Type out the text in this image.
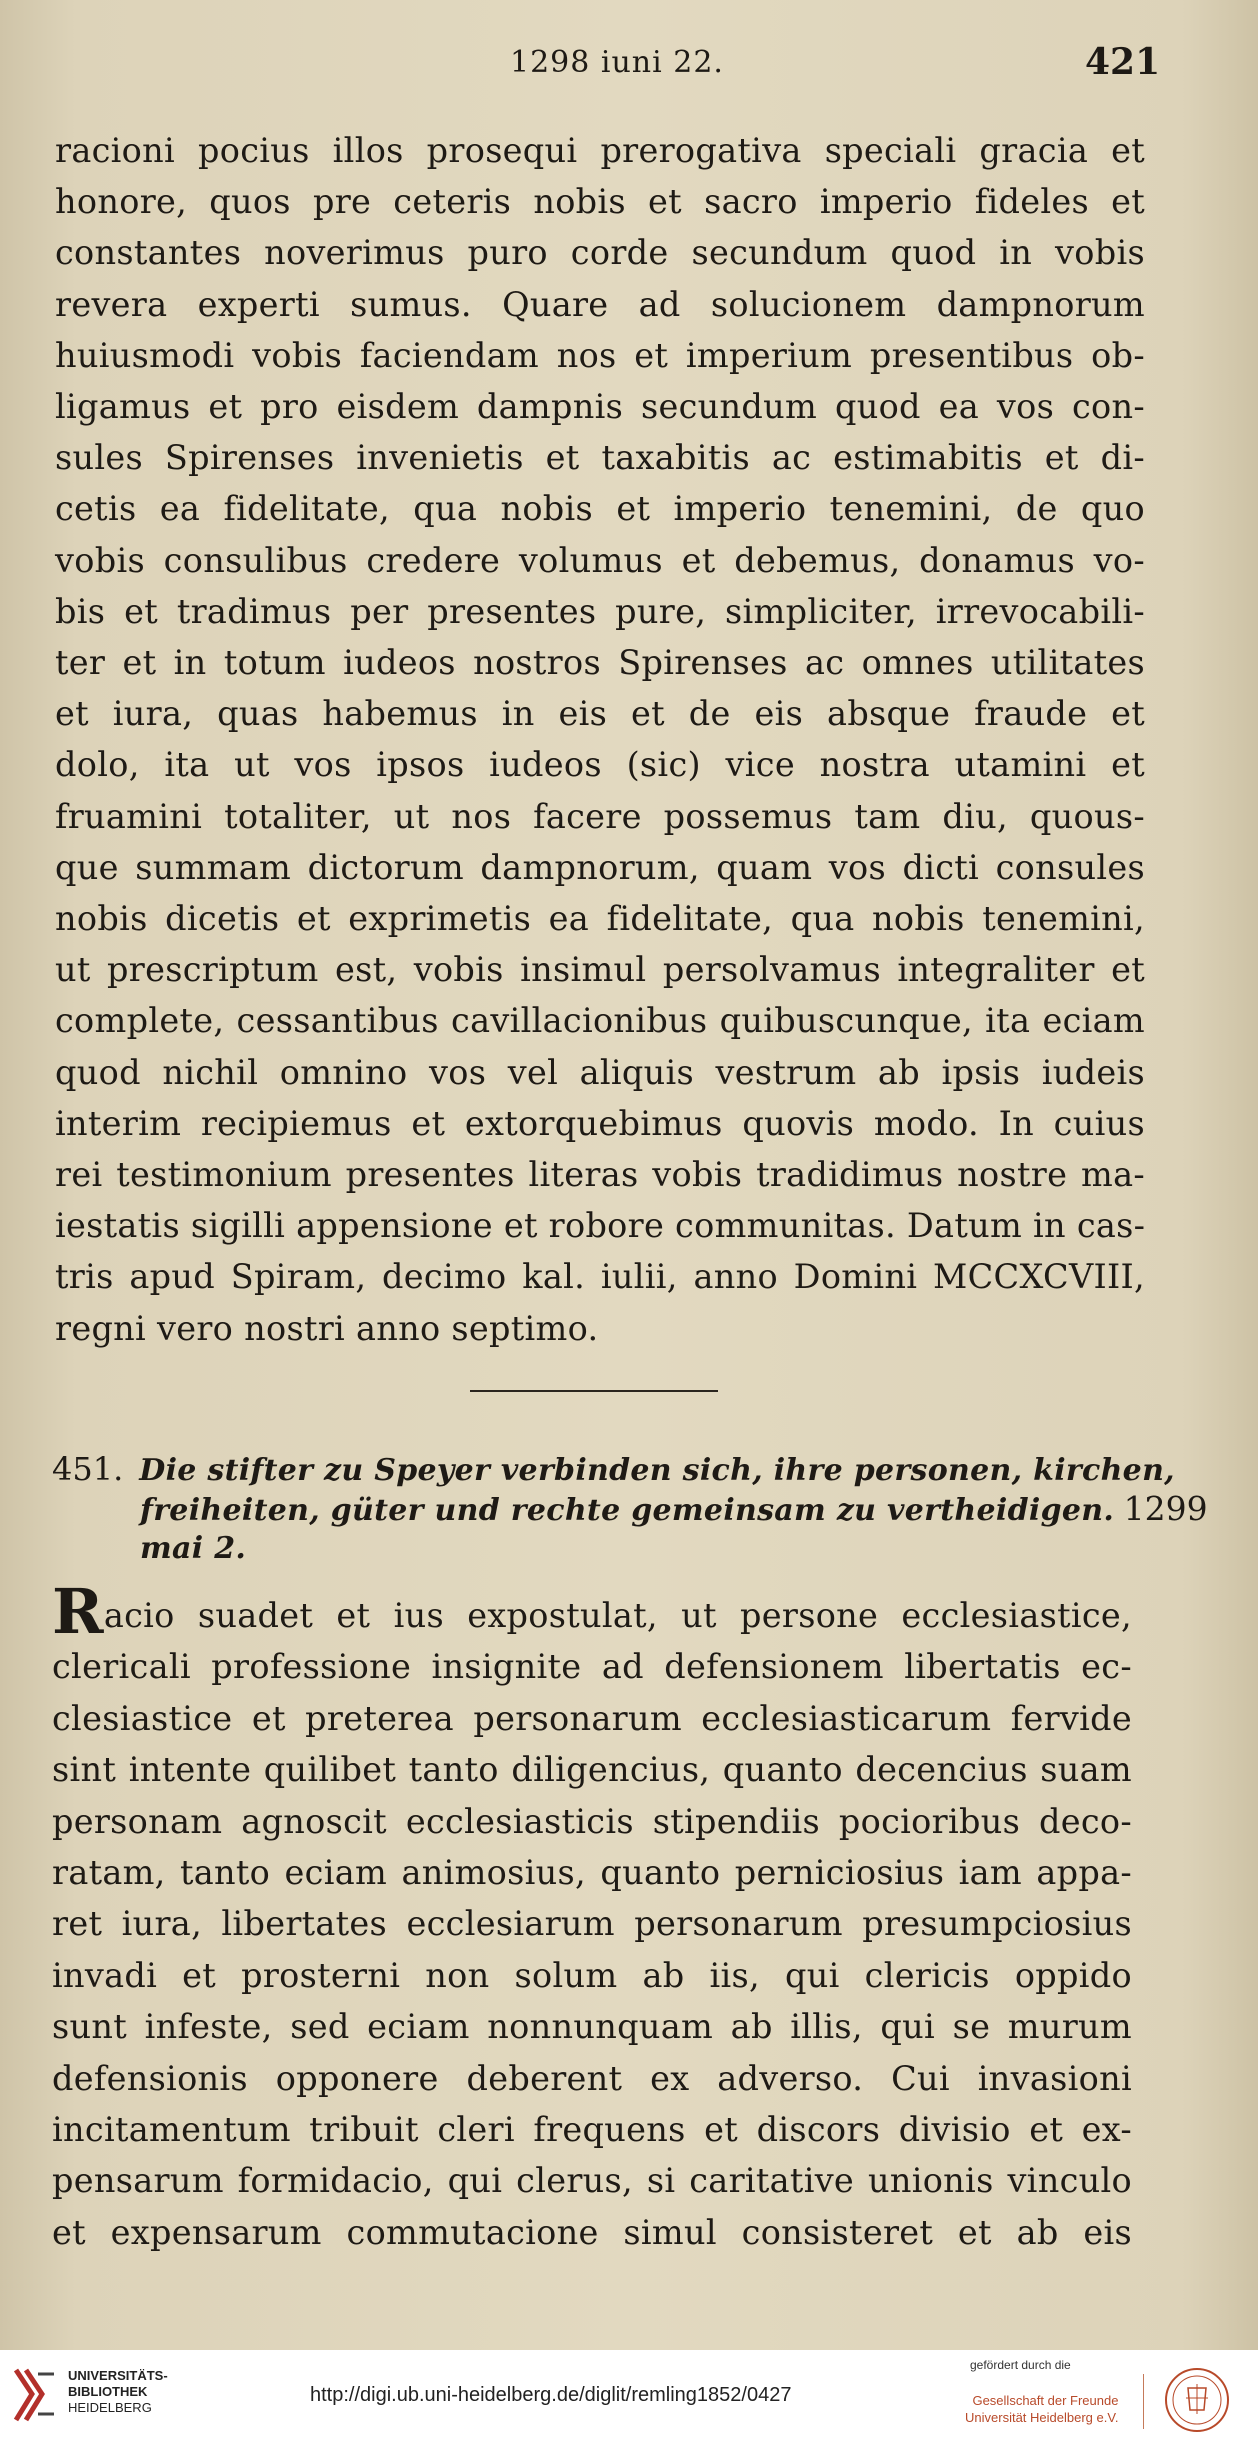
1298 iuni 22.	421
racioni pocius illos prosequi prerogativa speciali gracia et
honore, quos pre ceteris nobis et sacro imperio fideles et
constantes noverimus puro corde secundum quod in vobis
revera experti sumus. Quare ad solucionem dampnorum
huiusmodi vobis faciendam nos et imperium presentibus ob-
ligamus et pro eisdem dampnis secundum quod ea vos con-
sules Spirenses invenietis et taxabitis ac estimabitis et di-
cetis ea fidelitate, qua nobis et imperio tenemini, de quo
vobis consulibus credere volumus et debemus, donamus vo-
bis et tradimus per presentes pure, simpliciter, irrevocabili-
ter et in totum iudeos nostros Spirenses ac omnes utilitates
et iura, quas habemus in eis et de eis absque fraude et
dolo, ita ut vos ipsos iudeos (sic) vice nostra utamini et
fruamini totaliter, ut nos facere possemus tam diu, quous-
que summam dictorum dampnorum, quam vos dicti consules
nobis dicetis et exprimetis ea fidelitate, qua nobis tenemini,
ut prescriptum est, vobis insimul persolvamus integraliter et
complete, cessantibus cavillacionibus quibuscunque, ita eciam
quod nichil omnino vos vel aliquis vestrum ab ipsis iudeis
interim recipiemus et extorquebimus quovis modo. In cuius
rei testimonium presentes literas vobis tradidimus nostre ma-
iestatis sigilli appensione et robore communitas. Datum in cas-
tris apud Spiram, decimo kal. iulii, anno Domini MCCXCVIII,
regni vero nostri anno septimo.
451. Die stifter zu Speyer verbinden sich, ihre personen, kirchen,
freiheiten, güter und rechte gemeinsam zu vertheidigen. 1299
mai 2.
Racio suadet et ius expostulat, ut persone ecclesiastice,
clericali professione insignite ad defensionem libertatis ec-
clesiastice et preterea personarum ecclesiasticarum fervide
sint intente quilibet tanto diligencius, quanto decencius suam
personam agnoscit ecclesiasticis stipendiis pocioribus deco-
ratam, tanto eciam animosius, quanto perniciosius iam appa-
ret iura, libertates ecclesiarum personarum presumpciosius
invadi et prosterni non solum ab iis, qui clericis oppido
sunt infeste, sed eciam nonnunquam ab illis, qui se murum
defensionis opponere deberent ex adverso. Cui invasioni
incitamentum tribuit cleri frequens et discors divisio et ex-
pensarum formidacio, qui clerus, si caritative unionis vinculo
et expensarum commutacione simul consisteret et ab eis
UNIVERSITÄTS-
BIBLIOTHEK
HEIDELBERG
http://digi.ub.uni-heidelberg.de/diglit/remling1852/0427
gefördert durch die
Gesellschaft der Freunde
Universität Heidelberg e.V.
